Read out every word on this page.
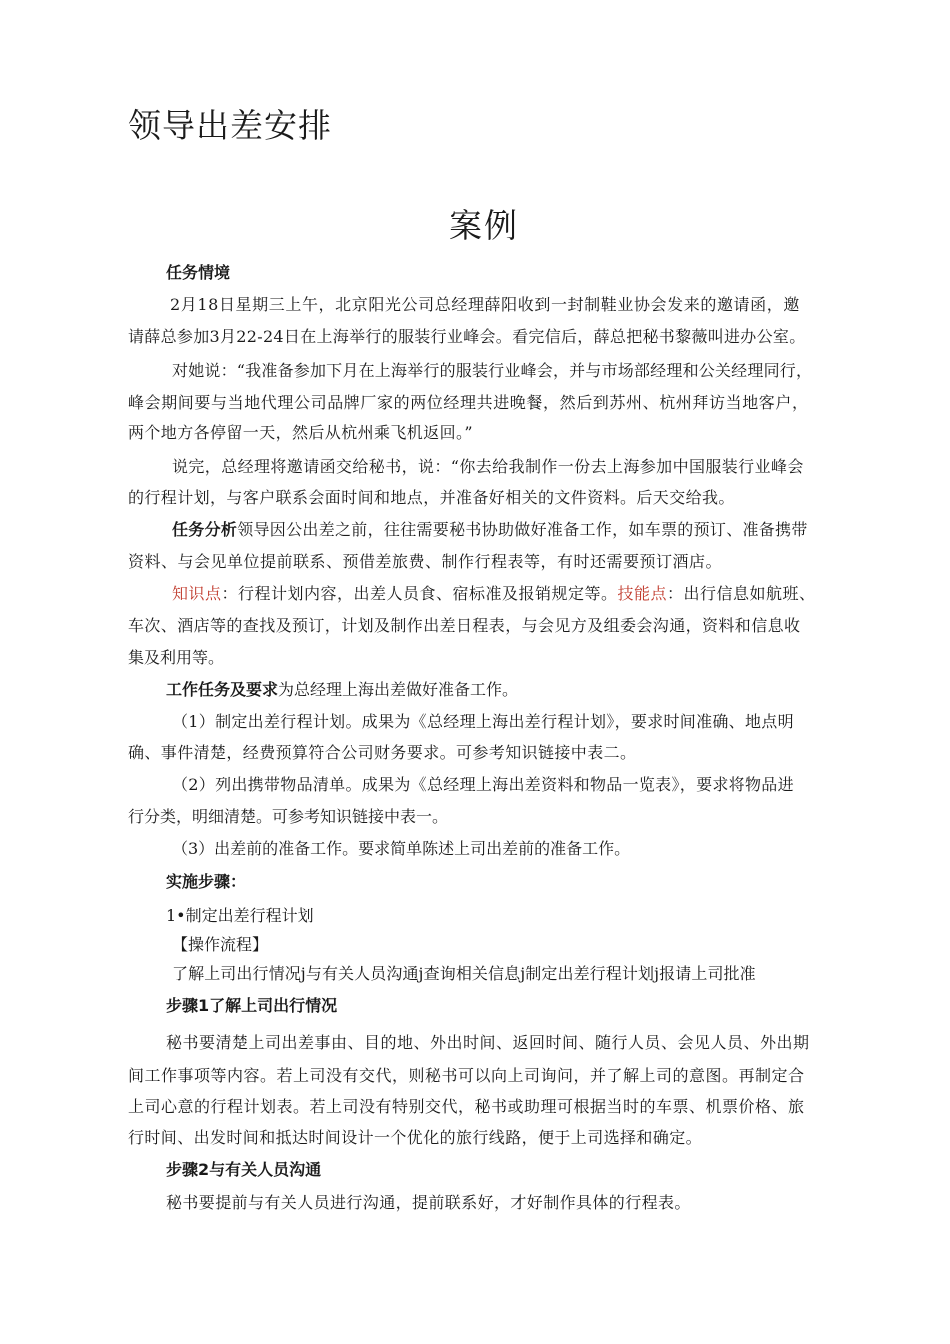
领导出差安排
案例
任务情境
2月18日星期三上午，北京阳光公司总经理薛阳收到一封制鞋业协会发来的邀请函，邀
请薛总参加3月22-24日在上海举行的服装行业峰会。看完信后，薛总把秘书黎薇叫进办公室。
对她说：“我准备参加下月在上海举行的服装行业峰会，并与市场部经理和公关经理同行，
峰会期间要与当地代理公司品牌厂家的两位经理共进晚餐，然后到苏州、杭州拜访当地客户，
两个地方各停留一天，然后从杭州乘飞机返回。”
说完，总经理将邀请函交给秘书，说：“你去给我制作一份去上海参加中国服装行业峰会
的行程计划，与客户联系会面时间和地点，并准备好相关的文件资料。后天交给我。
任务分析领导因公出差之前，往往需要秘书协助做好准备工作，如车票的预订、准备携带
资料、与会见单位提前联系、预借差旅费、制作行程表等，有时还需要预订酒店。
知识点：行程计划内容，出差人员食、宿标准及报销规定等。技能点：出行信息如航班、
车次、酒店等的查找及预订，计划及制作出差日程表，与会见方及组委会沟通，资料和信息收
集及利用等。
工作任务及要求为总经理上海出差做好准备工作。
（1）制定出差行程计划。成果为《总经理上海出差行程计划》，要求时间准确、地点明
确、事件清楚，经费预算符合公司财务要求。可参考知识链接中表二。
（2）列出携带物品清单。成果为《总经理上海出差资料和物品一览表》，要求将物品进
行分类，明细清楚。可参考知识链接中表一。
（3）出差前的准备工作。要求简单陈述上司出差前的准备工作。
实施步骤：
1•制定出差行程计划
【操作流程】
了解上司出行情况j与有关人员沟通j查询相关信息j制定出差行程计划j报请上司批准
步骤1了解上司出行情况
秘书要清楚上司出差事由、目的地、外出时间、返回时间、随行人员、会见人员、外出期
间工作事项等内容。若上司没有交代，则秘书可以向上司询问，并了解上司的意图。再制定合
上司心意的行程计划表。若上司没有特别交代，秘书或助理可根据当时的车票、机票价格、旅
行时间、出发时间和抵达时间设计一个优化的旅行线路，便于上司选择和确定。
步骤2与有关人员沟通
秘书要提前与有关人员进行沟通，提前联系好，才好制作具体的行程表。
